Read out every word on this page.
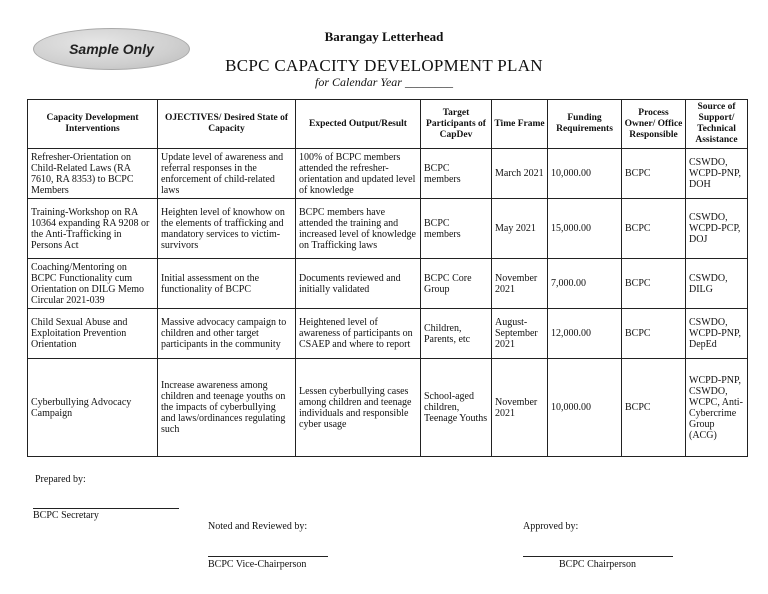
Sample Only
Barangay Letterhead
BCPC CAPACITY DEVELOPMENT PLAN
for Calendar Year ________
Capacity Development Interventions	OJECTIVES/ Desired State of Capacity	Expected Output/Result	Target Participants of CapDev	Time Frame	Funding Requirements	Process Owner/ Office Responsible	Source of Support/ Technical Assistance
Refresher-Orientation on Child-Related Laws (RA 7610, RA 8353) to BCPC Members	Update level of awareness and referral responses in the enforcement of child-related laws	100% of BCPC members attended the refresher-orientation and updated level of knowledge	BCPC members	March 2021	10,000.00	BCPC	CSWDO, WCPD-PNP, DOH
Training-Workshop on RA 10364 expanding RA 9208 or the Anti-Trafficking in Persons Act	Heighten level of knowhow on the elements of trafficking and mandatory services to victim-survivors	BCPC members have attended the training and increased level of knowledge on Trafficking laws	BCPC members	May 2021	15,000.00	BCPC	CSWDO, WCPD-PCP, DOJ
Coaching/Mentoring on BCPC Functionality cum Orientation on DILG Memo Circular 2021-039	Initial assessment on the functionality of BCPC	Documents reviewed and initially validated	BCPC Core Group	November 2021	7,000.00	BCPC	CSWDO, DILG
Child Sexual Abuse and Exploitation Prevention Orientation	Massive advocacy campaign to children and other target participants in the community	Heightened level of awareness of participants on CSAEP and where to report	Children, Parents, etc	August-September 2021	12,000.00	BCPC	CSWDO, WCPD-PNP, DepEd
Cyberbullying Advocacy Campaign	Increase awareness among children and teenage youths on the impacts of cyberbullying and laws/ordinances regulating such	Lessen cyberbullying cases among children and teenage individuals and responsible cyber usage	School-aged children, Teenage Youths	November 2021	10,000.00	BCPC	WCPD-PNP, CSWDO, WCPC, Anti-Cybercrime Group (ACG)
Prepared by:
BCPC Secretary
Noted and Reviewed by:
BCPC Vice-Chairperson
Approved by:
BCPC Chairperson
